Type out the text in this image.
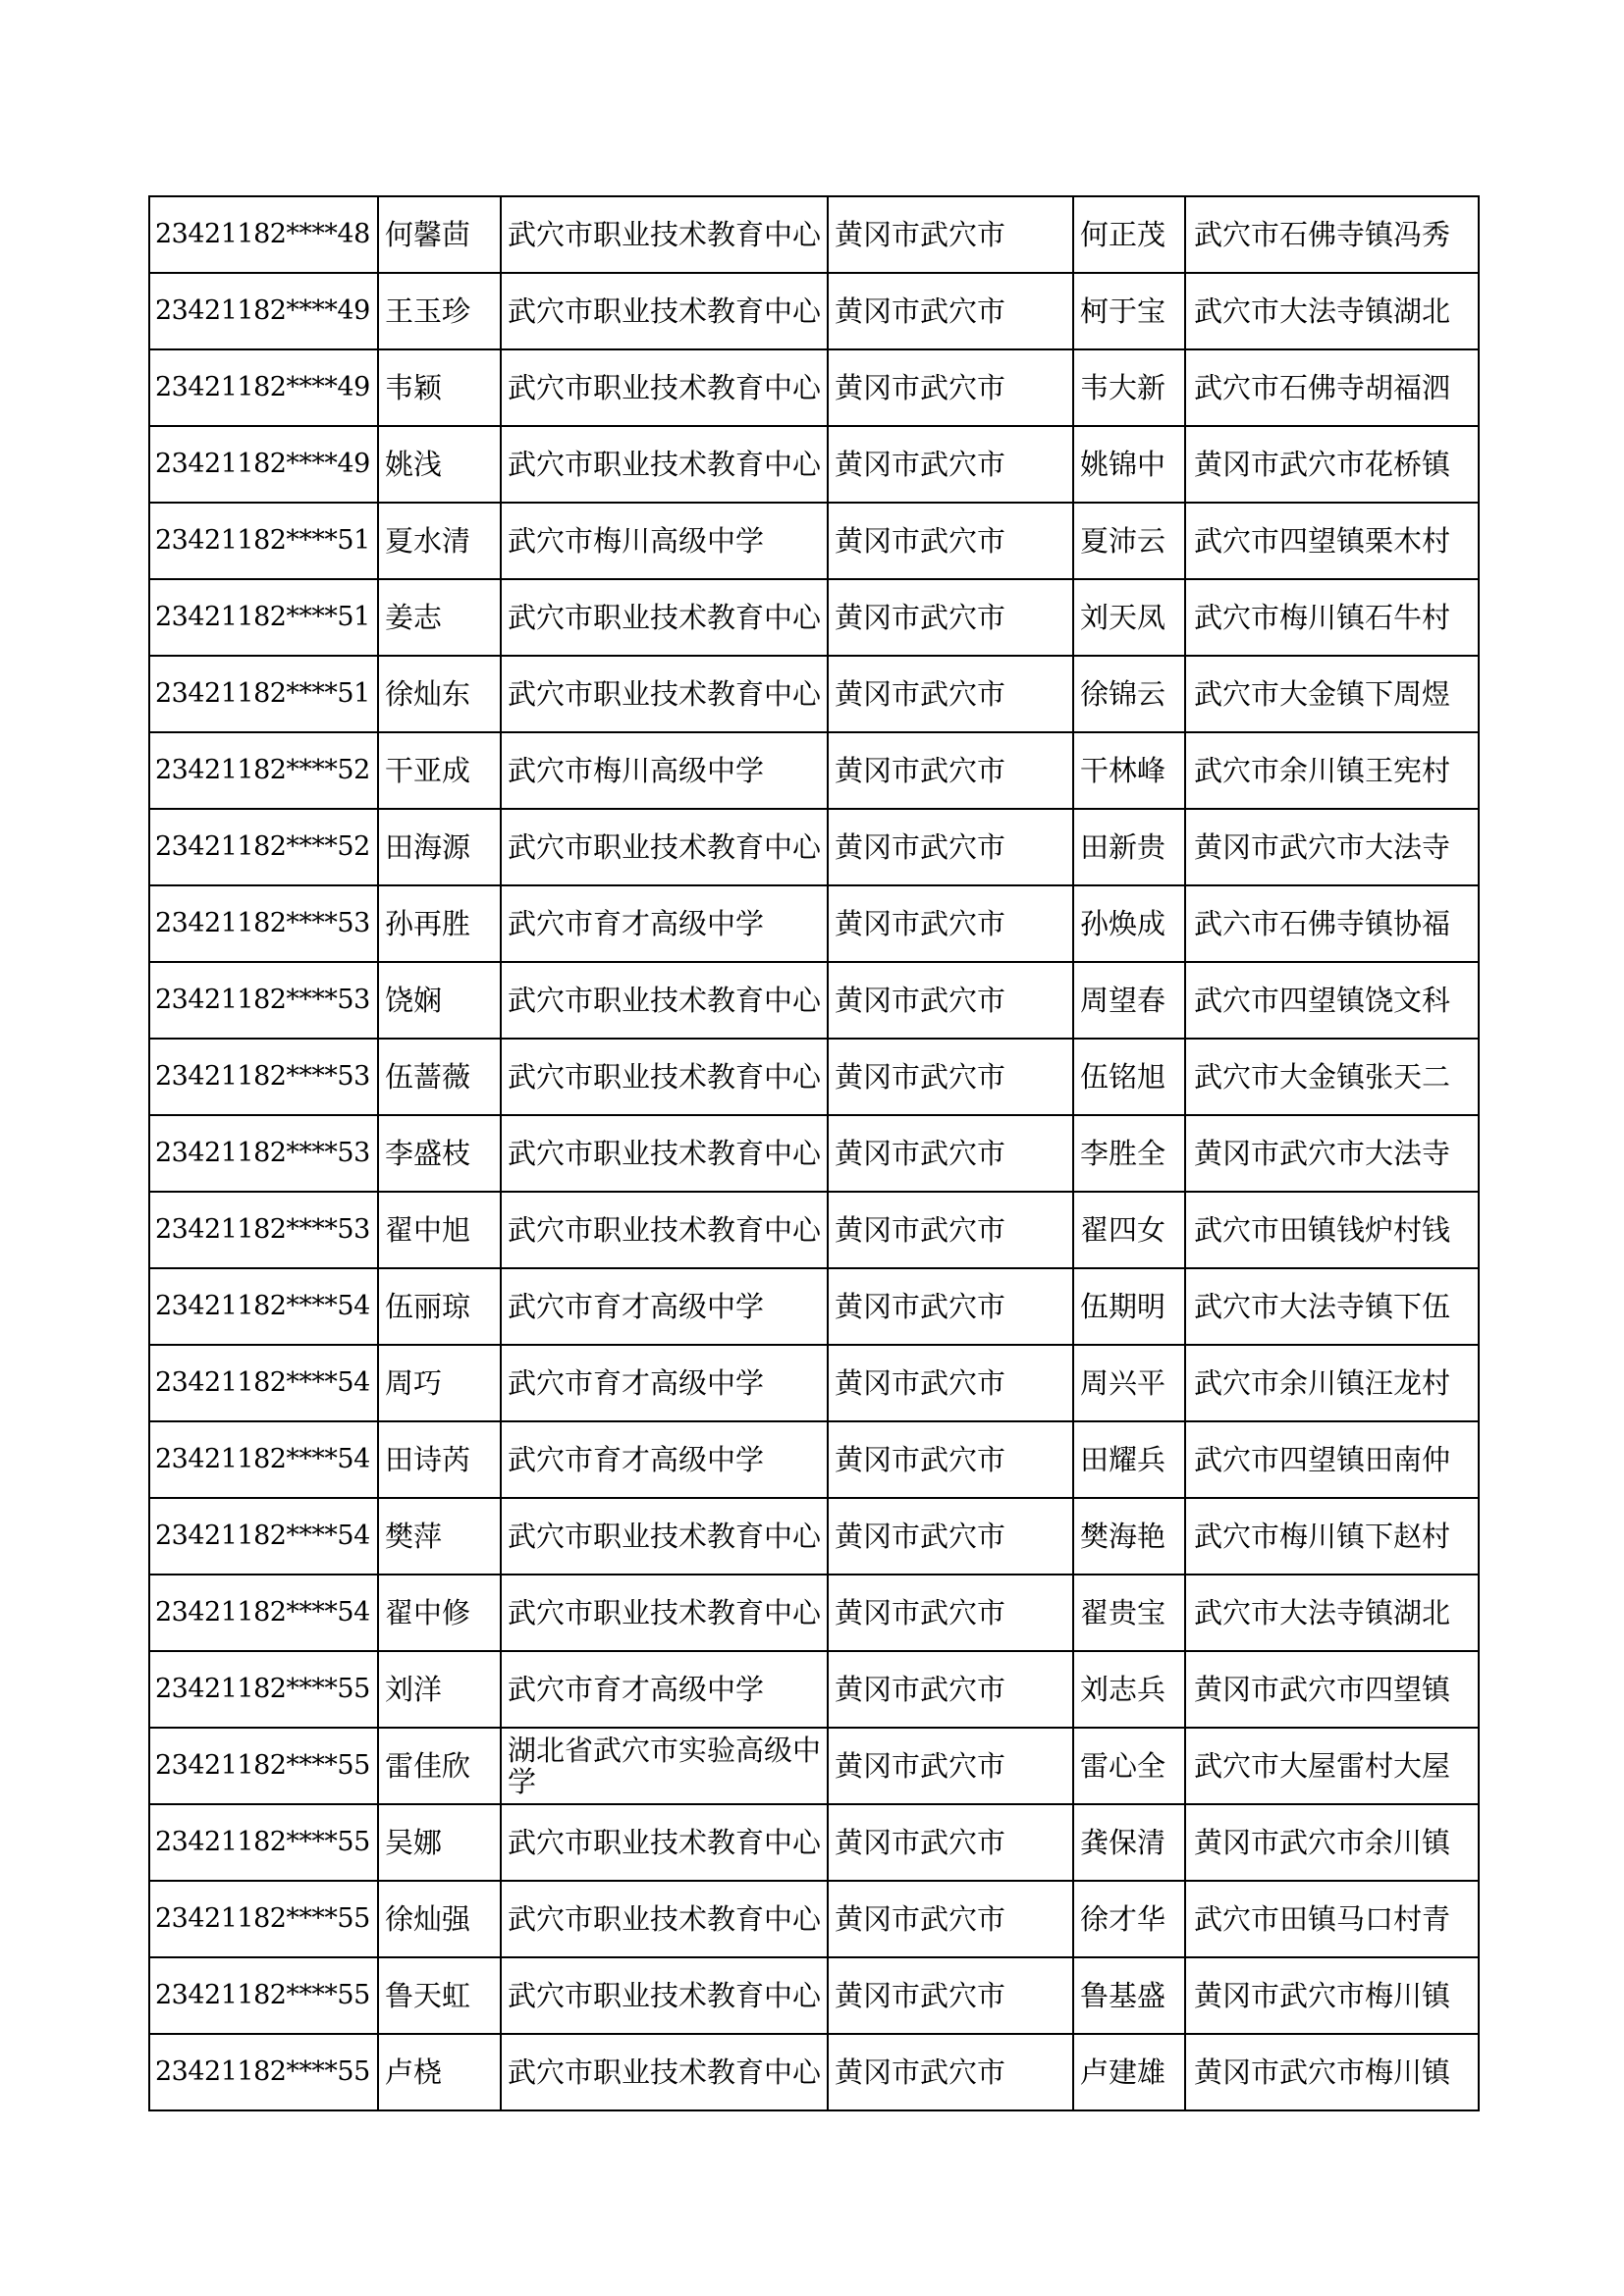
23421182****48	何馨茴	武穴市职业技术教育中心	黄冈市武穴市	何正茂	武穴市石佛寺镇冯秀
23421182****49	王玉珍	武穴市职业技术教育中心	黄冈市武穴市	柯于宝	武穴市大法寺镇湖北
23421182****49	韦颖	武穴市职业技术教育中心	黄冈市武穴市	韦大新	武穴市石佛寺胡福泗
23421182****49	姚浅	武穴市职业技术教育中心	黄冈市武穴市	姚锦中	黄冈市武穴市花桥镇
23421182****51	夏水清	武穴市梅川高级中学	黄冈市武穴市	夏沛云	武穴市四望镇栗木村
23421182****51	姜志	武穴市职业技术教育中心	黄冈市武穴市	刘天凤	武穴市梅川镇石牛村
23421182****51	徐灿东	武穴市职业技术教育中心	黄冈市武穴市	徐锦云	武穴市大金镇下周煜
23421182****52	干亚成	武穴市梅川高级中学	黄冈市武穴市	干林峰	武穴市余川镇王宪村
23421182****52	田海源	武穴市职业技术教育中心	黄冈市武穴市	田新贵	黄冈市武穴市大法寺
23421182****53	孙再胜	武穴市育才高级中学	黄冈市武穴市	孙焕成	武六市石佛寺镇协福
23421182****53	饶娴	武穴市职业技术教育中心	黄冈市武穴市	周望春	武穴市四望镇饶文科
23421182****53	伍蔷薇	武穴市职业技术教育中心	黄冈市武穴市	伍铭旭	武穴市大金镇张天二
23421182****53	李盛枝	武穴市职业技术教育中心	黄冈市武穴市	李胜全	黄冈市武穴市大法寺
23421182****53	翟中旭	武穴市职业技术教育中心	黄冈市武穴市	翟四女	武穴市田镇钱炉村钱
23421182****54	伍丽琼	武穴市育才高级中学	黄冈市武穴市	伍期明	武穴市大法寺镇下伍
23421182****54	周巧	武穴市育才高级中学	黄冈市武穴市	周兴平	武穴市余川镇汪龙村
23421182****54	田诗芮	武穴市育才高级中学	黄冈市武穴市	田耀兵	武穴市四望镇田南仲
23421182****54	樊萍	武穴市职业技术教育中心	黄冈市武穴市	樊海艳	武穴市梅川镇下赵村
23421182****54	翟中修	武穴市职业技术教育中心	黄冈市武穴市	翟贵宝	武穴市大法寺镇湖北
23421182****55	刘洋	武穴市育才高级中学	黄冈市武穴市	刘志兵	黄冈市武穴市四望镇
23421182****55	雷佳欣	湖北省武穴市实验高级中学	黄冈市武穴市	雷心全	武穴市大屋雷村大屋
23421182****55	吴娜	武穴市职业技术教育中心	黄冈市武穴市	龚保清	黄冈市武穴市余川镇
23421182****55	徐灿强	武穴市职业技术教育中心	黄冈市武穴市	徐才华	武穴市田镇马口村青
23421182****55	鲁天虹	武穴市职业技术教育中心	黄冈市武穴市	鲁基盛	黄冈市武穴市梅川镇
23421182****55	卢桡	武穴市职业技术教育中心	黄冈市武穴市	卢建雄	黄冈市武穴市梅川镇
